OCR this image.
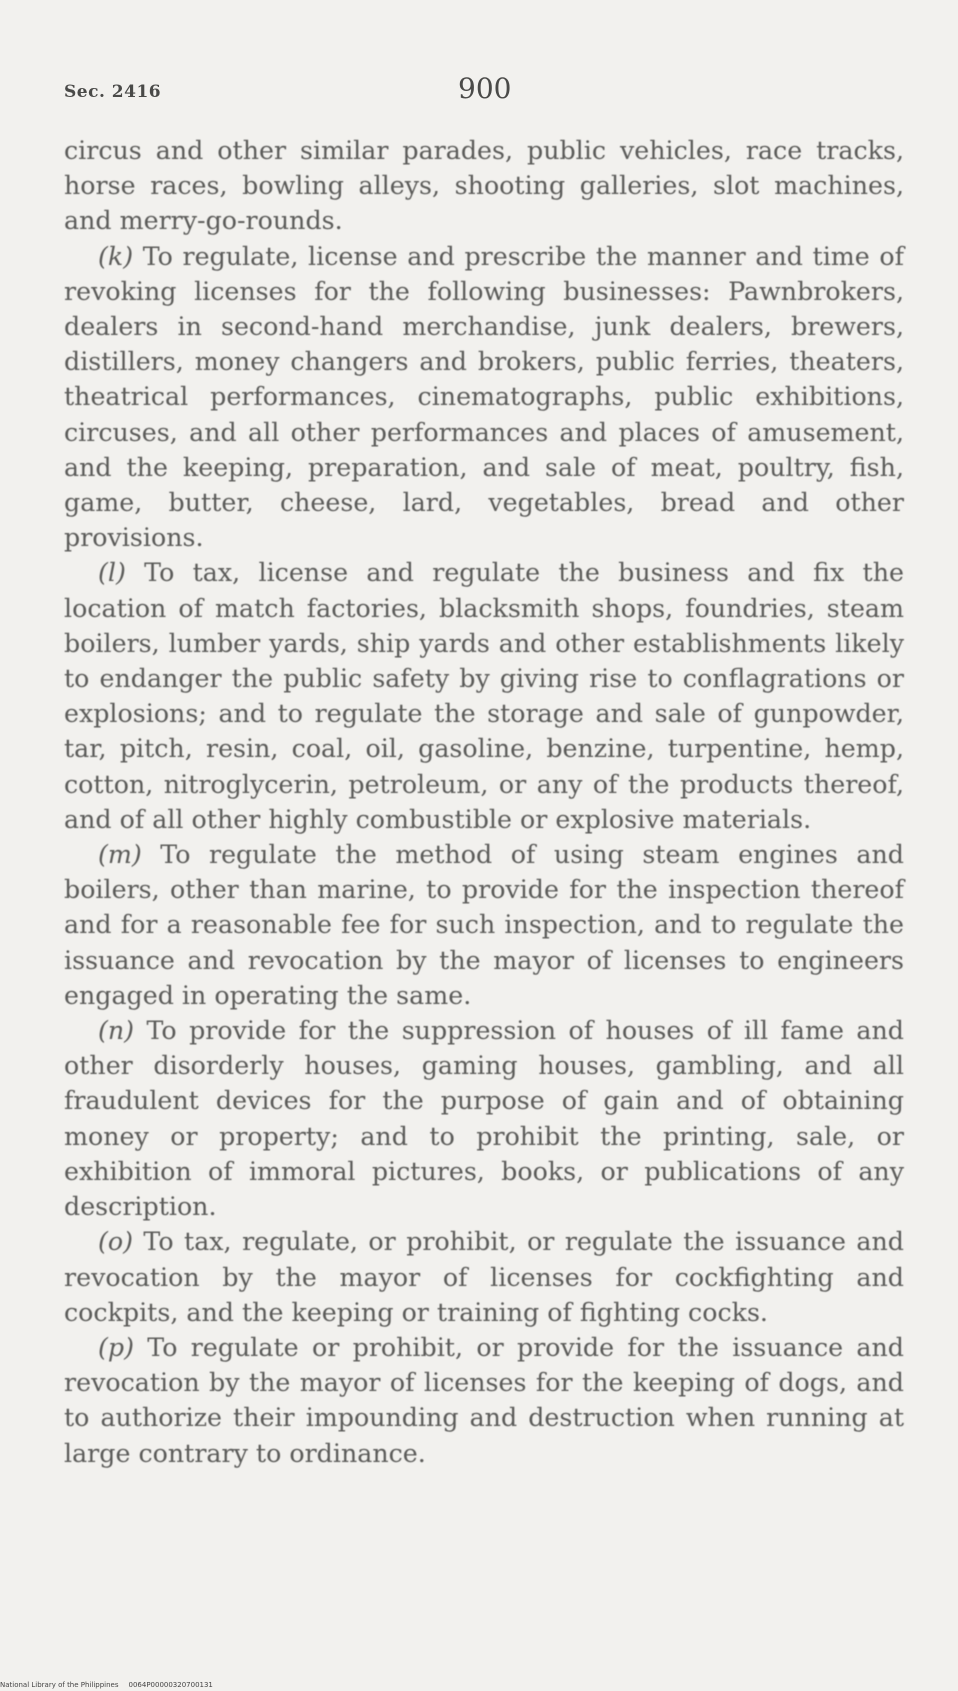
Sec. 2416	900

circus and other similar parades, public vehicles, race tracks, horse races, bowling alleys, shooting galleries, slot machines, and merry-go-rounds.

(k) To regulate, license and prescribe the manner and time of revoking licenses for the following businesses: Pawnbrokers, dealers in second-hand merchandise, junk dealers, brewers, distillers, money changers and brokers, public ferries, theaters, theatrical performances, cinematographs, public exhibitions, circuses, and all other performances and places of amusement, and the keeping, preparation, and sale of meat, poultry, fish, game, butter, cheese, lard, vegetables, bread and other provisions.

(l) To tax, license and regulate the business and fix the location of match factories, blacksmith shops, foundries, steam boilers, lumber yards, ship yards and other establishments likely to endanger the public safety by giving rise to conflagrations or explosions; and to regulate the storage and sale of gunpowder, tar, pitch, resin, coal, oil, gasoline, benzine, turpentine, hemp, cotton, nitroglycerin, petroleum, or any of the products thereof, and of all other highly combustible or explosive materials.

(m) To regulate the method of using steam engines and boilers, other than marine, to provide for the inspection thereof and for a reasonable fee for such inspection, and to regulate the issuance and revocation by the mayor of licenses to engineers engaged in operating the same.

(n) To provide for the suppression of houses of ill fame and other disorderly houses, gaming houses, gambling, and all fraudulent devices for the purpose of gain and of obtaining money or property; and to prohibit the printing, sale, or exhibition of immoral pictures, books, or publications of any description.

(o) To tax, regulate, or prohibit, or regulate the issuance and revocation by the mayor of licenses for cockfighting and cockpits, and the keeping or training of fighting cocks.

(p) To regulate or prohibit, or provide for the issuance and revocation by the mayor of licenses for the keeping of dogs, and to authorize their impounding and destruction when running at large contrary to ordinance.

National Library of the Philippines 0064P00000320700131
